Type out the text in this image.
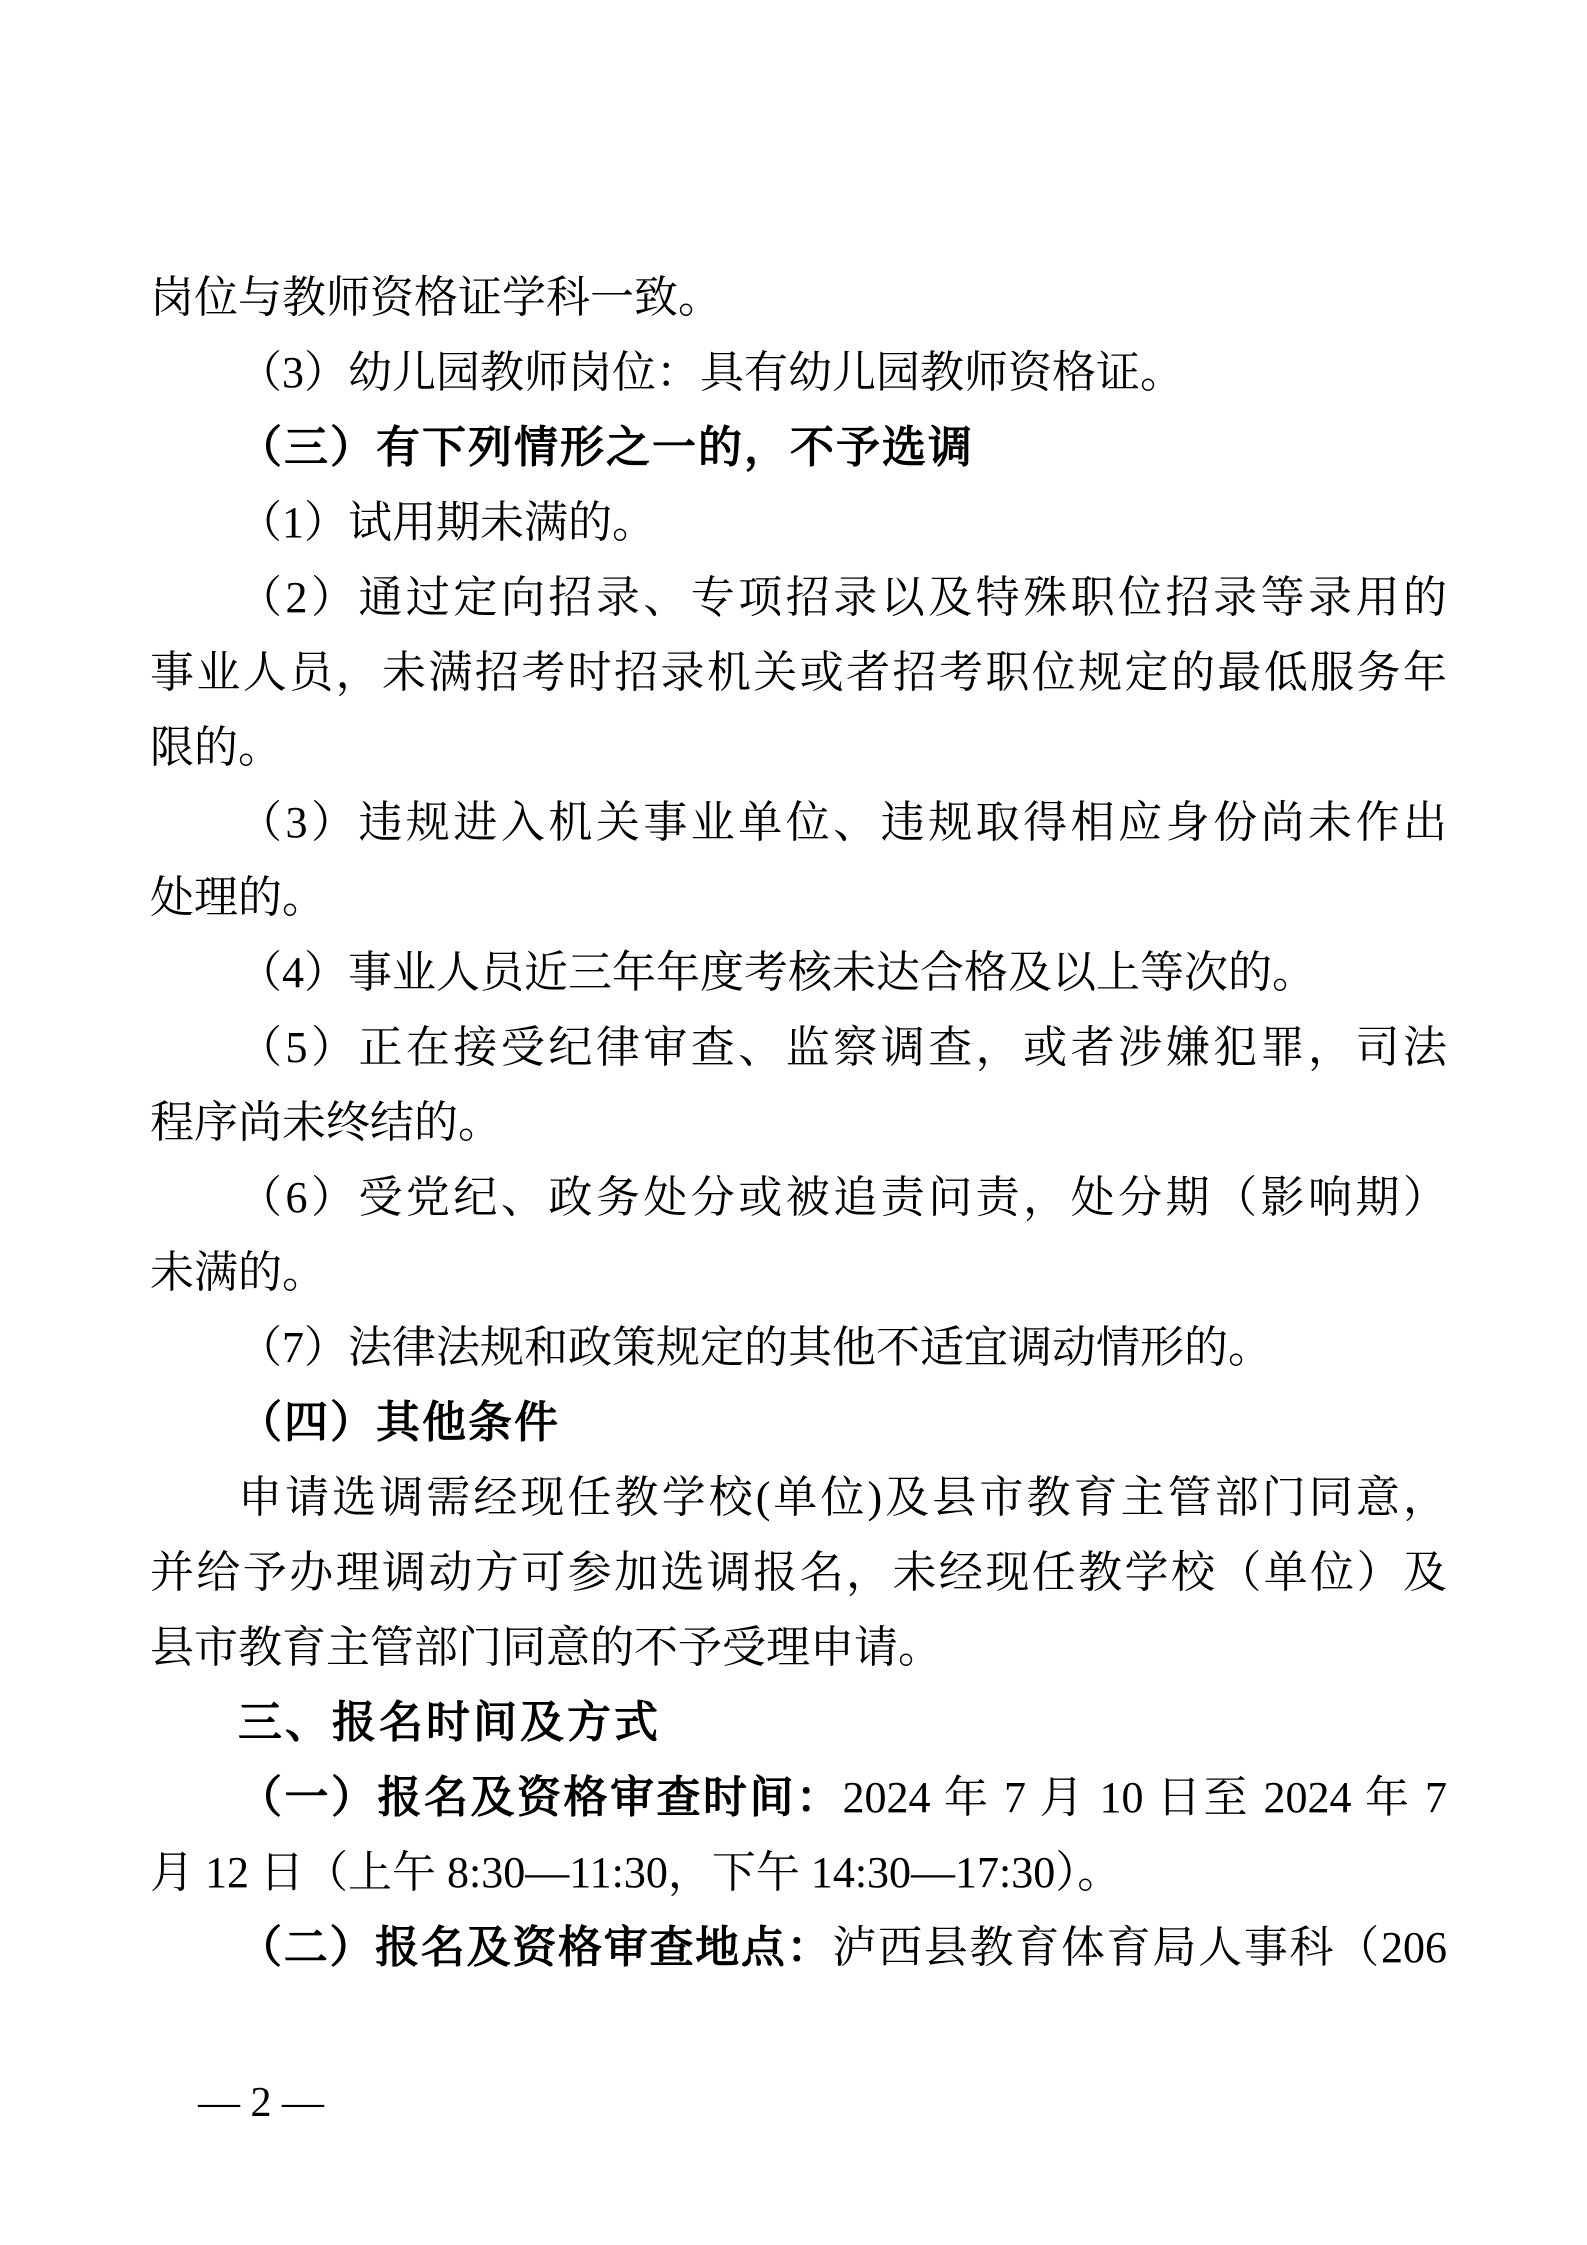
岗位与教师资格证学科一致。
（3）幼儿园教师岗位：具有幼儿园教师资格证。
（三）有下列情形之一的，不予选调
（1）试用期未满的。
（2）通过定向招录、专项招录以及特殊职位招录等录用的
事业人员，未满招考时招录机关或者招考职位规定的最低服务年
限的。
（3）违规进入机关事业单位、违规取得相应身份尚未作出
处理的。
（4）事业人员近三年年度考核未达合格及以上等次的。
（5）正在接受纪律审查、监察调查，或者涉嫌犯罪，司法
程序尚未终结的。
（6）受党纪、政务处分或被追责问责，处分期（影响期）
未满的。
（7）法律法规和政策规定的其他不适宜调动情形的。
（四）其他条件
申请选调需经现任教学校(单位)及县市教育主管部门同意，
并给予办理调动方可参加选调报名，未经现任教学校（单位）及
县市教育主管部门同意的不予受理申请。
三、报名时间及方式
（一）报名及资格审查时间：2024 年 7 月 10 日至 2024 年 7
月 12 日（上午 8:30—11:30，下午 14:30—17:30）。
（二）报名及资格审查地点：泸西县教育体育局人事科（206
— 2 —
